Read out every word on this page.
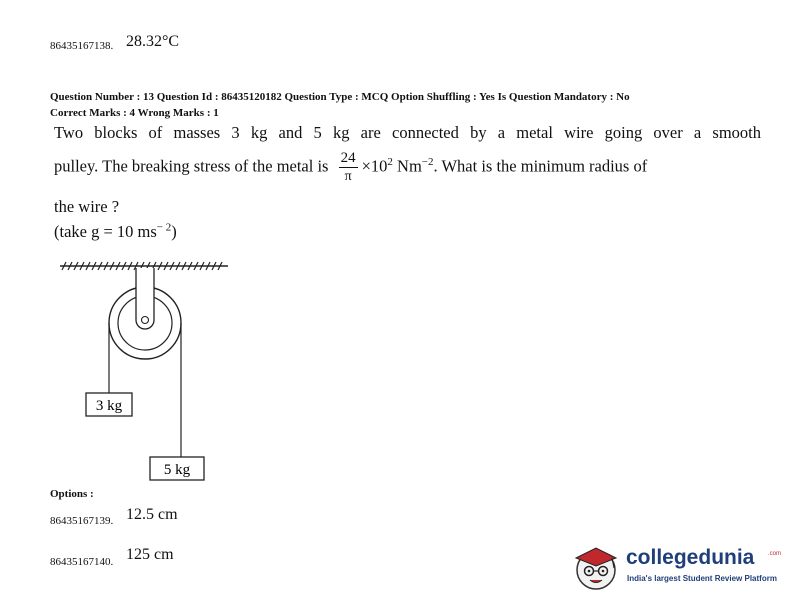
86435167138. 28.32°C
Question Number : 13 Question Id : 86435120182 Question Type : MCQ Option Shuffling : Yes Is Question Mandatory : No
Correct Marks : 4 Wrong Marks : 1
Two blocks of masses 3 kg and 5 kg are connected by a metal wire going over a smooth
pulley. The breaking stress of the metal is $\frac{24}{\pi} \times 10^2$ $Nm^{-2}$. What is the minimum radius of
the wire ?
(take g = 10 $ms^{- 2}$)
3 kg
5 kg
Options :
86435167139. 12.5 cm
86435167140. 125 cm	collegedunia .com
India's largest Student Review Platform
